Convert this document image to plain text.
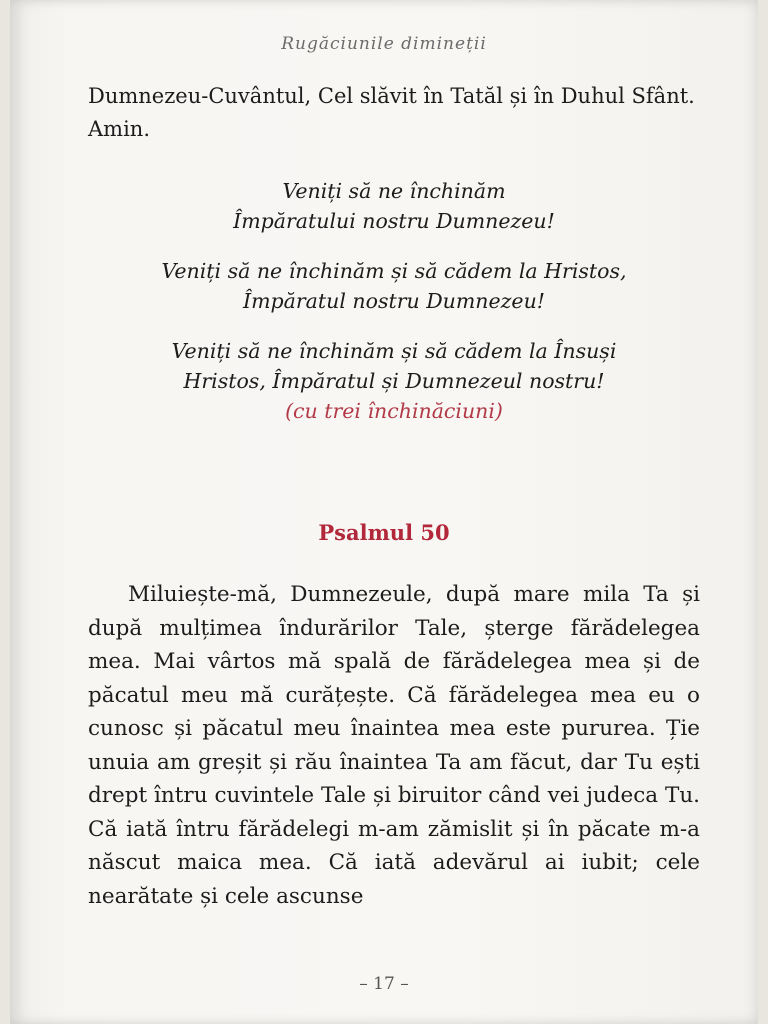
Rugăciunile dimineții
Dumnezeu-Cuvântul, Cel slăvit în Tatăl și în Duhul Sfânt. Amin.
Veniți să ne închinăm
Împăratului nostru Dumnezeu!
Veniți să ne închinăm și să cădem la Hristos,
Împăratul nostru Dumnezeu!
Veniți să ne închinăm și să cădem la Însuși
Hristos, Împăratul și Dumnezeul nostru!
(cu trei închinăciuni)
Psalmul 50

Miluiește-mă, Dumnezeule, după mare mila Ta și după mulțimea îndurărilor Tale, șterge fărădelegea mea. Mai vârtos mă spală de fărădelegea mea și de păcatul meu mă curățește. Că fărădelegea mea eu o cunosc și păcatul meu înaintea mea este pururea. Ție unuia am greșit și rău înaintea Ta am făcut, dar Tu ești drept întru cuvintele Tale și biruitor când vei judeca Tu. Că iată întru fărădelegi m-am zămislit și în păcate m-a născut maica mea. Că iată adevărul ai iubit; cele nearătate și cele ascunse

– 17 –
